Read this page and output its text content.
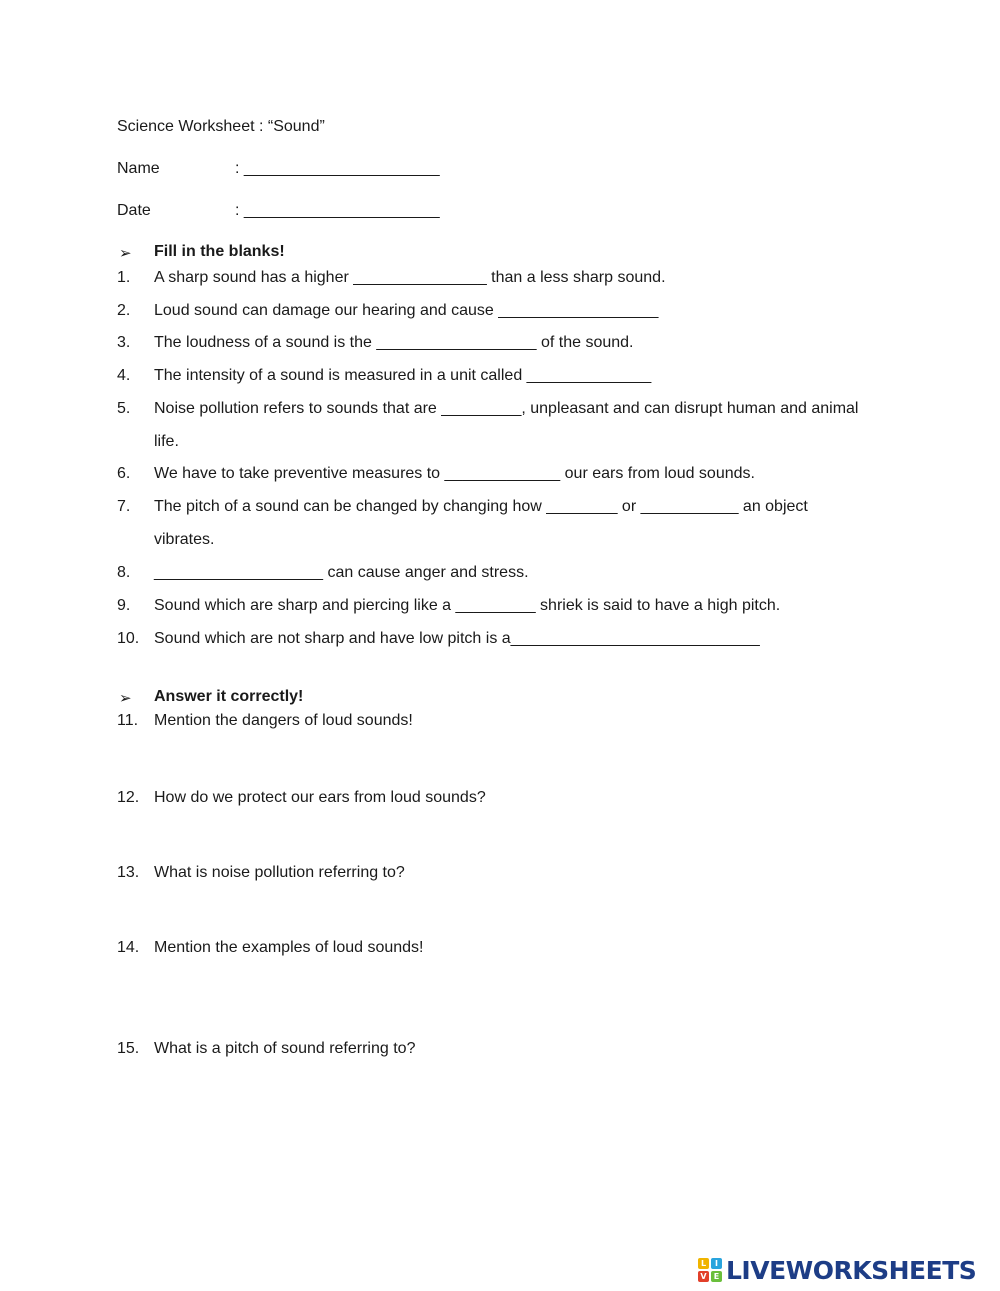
Science Worksheet : “Sound”
Name	: ______________________
Date	: ______________________
➢ Fill in the blanks!
1.	A sharp sound has a higher _______________ than a less sharp sound.
2.	Loud sound can damage our hearing and cause __________________
3.	The loudness of a sound is the __________________ of the sound.
4.	The intensity of a sound is measured in a unit called ______________
5.	Noise pollution refers to sounds that are _________, unpleasant and can disrupt human and animal
life.
6.	We have to take preventive measures to _____________ our ears from loud sounds.
7.	The pitch of a sound can be changed by changing how ________ or ___________ an object
vibrates.
8.	___________________ can cause anger and stress.
9.	Sound which are sharp and piercing like a _________ shriek is said to have a high pitch.
10. Sound which are not sharp and have low pitch is a____________________________
➢ Answer it correctly!
11. Mention the dangers of loud sounds!
12. How do we protect our ears from loud sounds?
13. What is noise pollution referring to?
14. Mention the examples of loud sounds!
15. What is a pitch of sound referring to?
L	I
V E LIVEWORKSHEETS
